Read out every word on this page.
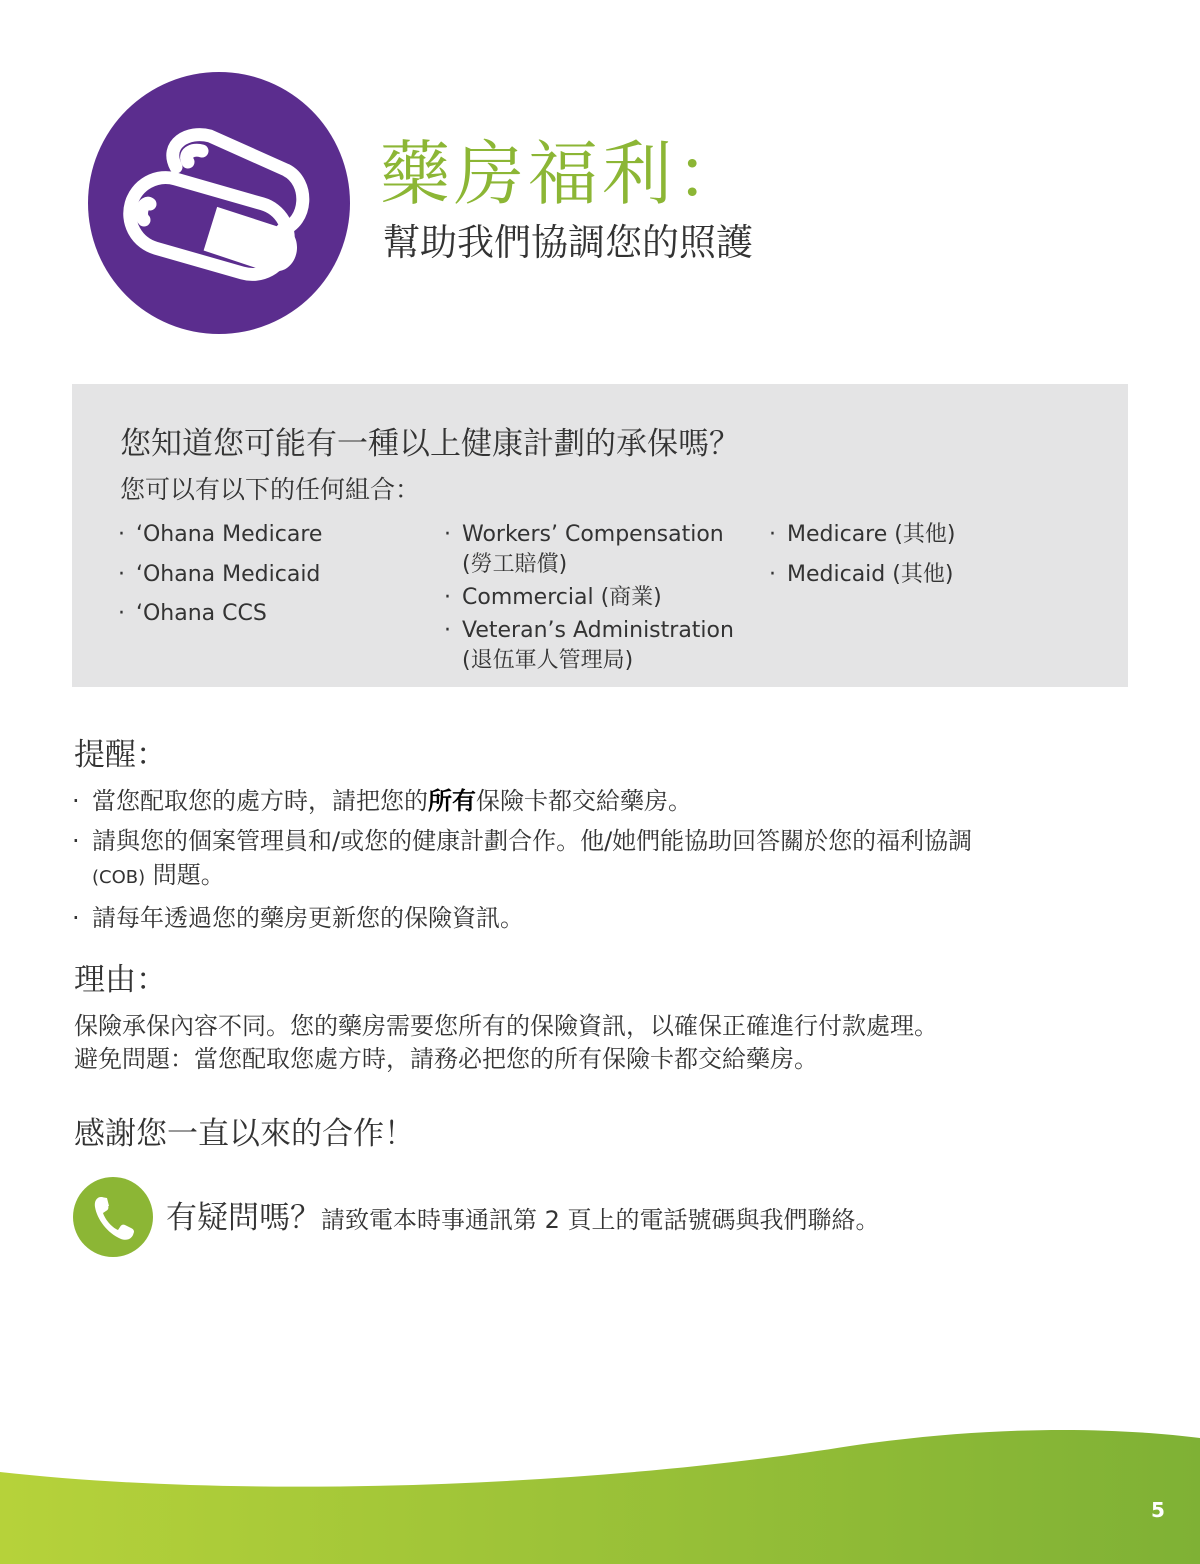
藥房福利：
幫助我們協調您的照護
您知道您可能有一種以上健康計劃的承保嗎？
您可以有以下的任何組合：
· ‘Ohana Medicare
· ‘Ohana Medicaid
· ‘Ohana CCS
· Workers’ Compensation
(勞工賠償)
· Commercial (商業)
· Veteran’s Administration
(退伍軍人管理局)
· Medicare (其他)
· Medicaid (其他)
提醒：
· 當您配取您的處方時，請把您的所有保險卡都交給藥房。
· 請與您的個案管理員和/或您的健康計劃合作。他/她們能協助回答關於您的福利協調
(COB) 問題。
· 請每年透過您的藥房更新您的保險資訊。
理由：
保險承保內容不同。您的藥房需要您所有的保險資訊，以確保正確進行付款處理。
避免問題：當您配取您處方時，請務必把您的所有保險卡都交給藥房。
感謝您一直以來的合作！
有疑問嗎？請致電本時事通訊第 2 頁上的電話號碼與我們聯絡。
5
